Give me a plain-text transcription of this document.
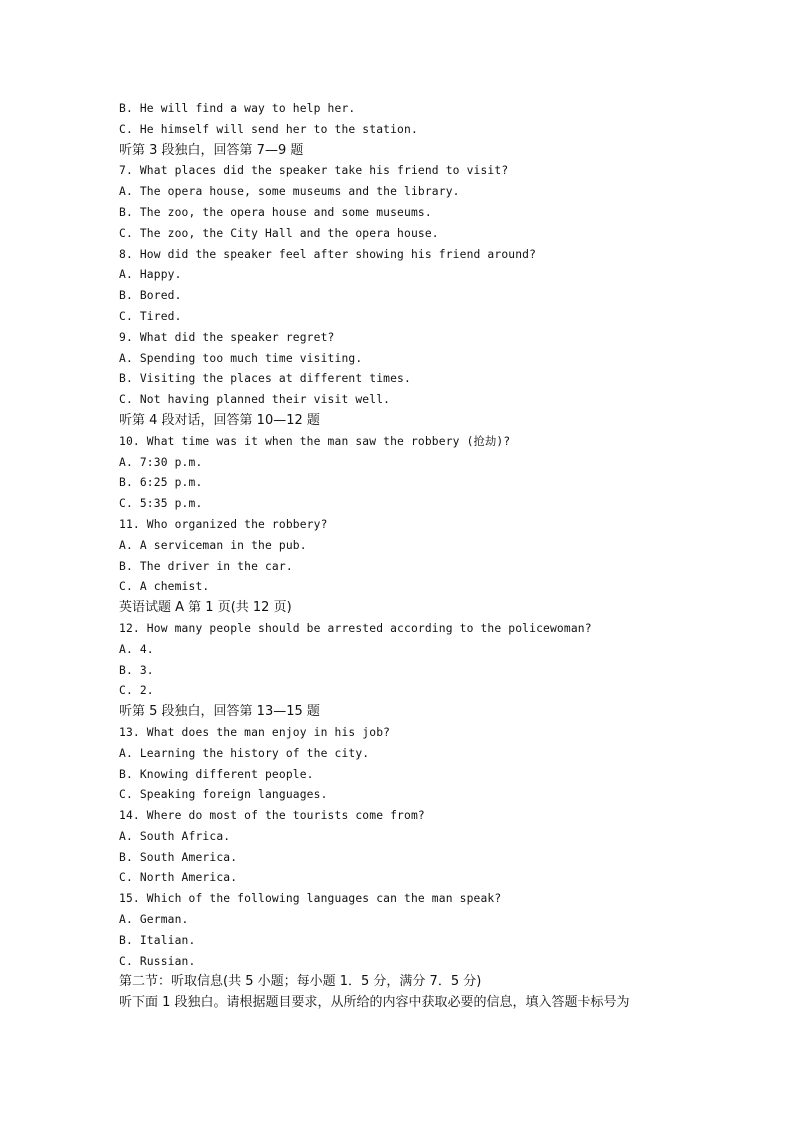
B. He will find a way to help her.
C. He himself will send her to the station.
听第 3 段独白，回答第 7—9 题
7. What places did the speaker take his friend to visit?
A. The opera house, some museums and the library.
B. The zoo, the opera house and some museums.
C. The zoo, the City Hall and the opera house.
8. How did the speaker feel after showing his friend around?
A. Happy.
B. Bored.
C. Tired.
9. What did the speaker regret?
A. Spending too much time visiting.
B. Visiting the places at different times.
C. Not having planned their visit well.
听第 4 段对话，回答第 10—12 题
10. What time was it when the man saw the robbery (抢劫)?
A. 7:30 p.m.
B. 6:25 p.m.
C. 5:35 p.m.
11. Who organized the robbery?
A. A serviceman in the pub.
B. The driver in the car.
C. A chemist.
英语试题 A 第 1 页(共 12 页)
12. How many people should be arrested according to the policewoman?
A. 4.
B. 3.
C. 2.
听第 5 段独白，回答第 13—15 题
13. What does the man enjoy in his job?
A. Learning the history of the city.
B. Knowing different people.
C. Speaking foreign languages.
14. Where do most of the tourists come from?
A. South Africa.
B. South America.
C. North America.
15. Which of the following languages can the man speak?
A. German.
B. Italian.
C. Russian.
第二节：听取信息(共 5 小题；每小题 1．5 分，满分 7．5 分)
听下面 1 段独白。请根据题目要求，从所给的内容中获取必要的信息，填入答题卡标号为
